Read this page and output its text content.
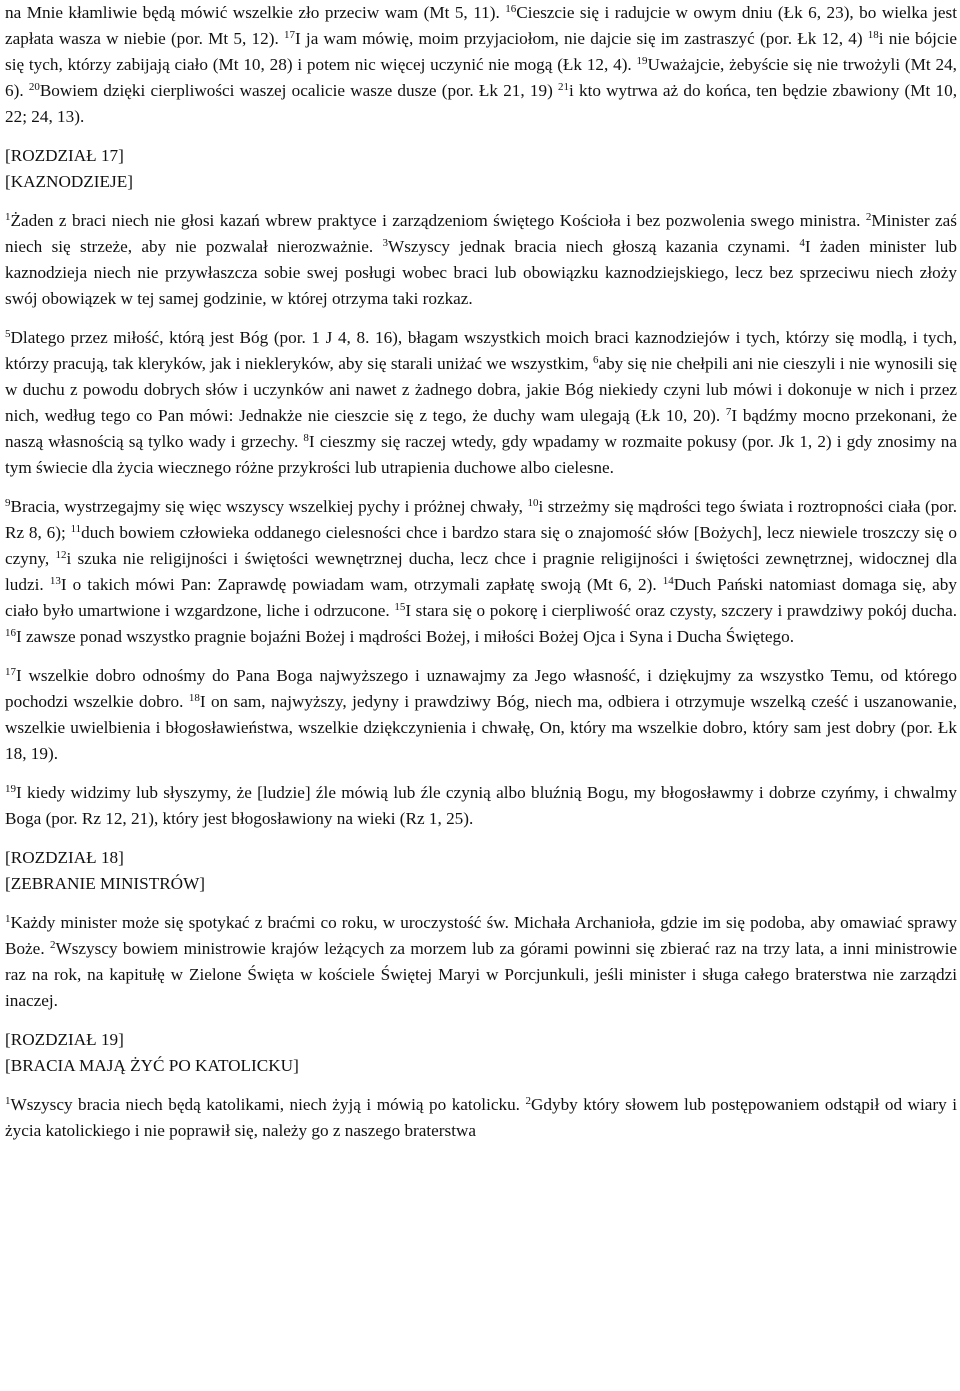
na Mnie kłamliwie będą mówić wszelkie zło przeciw wam (Mt 5, 11). $^{16}$Cieszcie się i radujcie w owym dniu (Łk 6, 23), bo wielka jest zapłata wasza w niebie (por. Mt 5, 12). $^{17}$I ja wam mówię, moim przyjaciołom, nie dajcie się im zastraszyć (por. Łk 12, 4) $^{18}$i nie bójcie się tych, którzy zabijają ciało (Mt 10, 28) i potem nic więcej uczynić nie mogą (Łk 12, 4). $^{19}$Uważajcie, żebyście się nie trwożyli (Mt 24, 6). $^{20}$Bowiem dzięki cierpliwości waszej ocalicie wasze dusze (por. Łk 21, 19) $^{21}$i kto wytrwa aż do końca, ten będzie zbawiony (Mt 10, 22; 24, 13).

[ROZDZIAŁ 17]
[KAZNODZIEJE]

$^1$Żaden z braci niech nie głosi kazań wbrew praktyce i zarządzeniom świętego Kościoła i bez pozwolenia swego ministra. $^2$Minister zaś niech się strzeże, aby nie pozwalał nierozważnie. $^3$Wszyscy jednak bracia niech głoszą kazania czynami. $^4$I żaden minister lub kaznodzieja niech nie przywłaszcza sobie swej posługi wobec braci lub obowiązku kaznodziejskiego, lecz bez sprzeciwu niech złoży swój obowiązek w tej samej godzinie, w której otrzyma taki rozkaz.

$^5$Dlatego przez miłość, którą jest Bóg (por. 1 J 4, 8. 16), błagam wszystkich moich braci kaznodziejów i tych, którzy się modlą, i tych, którzy pracują, tak kleryków, jak i niekleryków, aby się starali uniżać we wszystkim, $^6$aby się nie chełpili ani nie cieszyli i nie wynosili się w duchu z powodu dobrych słów i uczynków ani nawet z żadnego dobra, jakie Bóg niekiedy czyni lub mówi i dokonuje w nich i przez nich, według tego co Pan mówi: Jednakże nie cieszcie się z tego, że duchy wam ulegają (Łk 10, 20). $^7$I bądźmy mocno przekonani, że naszą własnością są tylko wady i grzechy. $^8$I cieszmy się raczej wtedy, gdy wpadamy w rozmaite pokusy (por. Jk 1, 2) i gdy znosimy na tym świecie dla życia wiecznego różne przykrości lub utrapienia duchowe albo cielesne.

$^9$Bracia, wystrzegajmy się więc wszyscy wszelkiej pychy i próżnej chwały, $^{10}$i strzeżmy się mądrości tego świata i roztropności ciała (por. Rz 8, 6); $^{11}$duch bowiem człowieka oddanego cielesności chce i bardzo stara się o znajomość słów [Bożych], lecz niewiele troszczy się o czyny, $^{12}$i szuka nie religijności i świętości wewnętrznej ducha, lecz chce i pragnie religijności i świętości zewnętrznej, widocznej dla ludzi. $^{13}$I o takich mówi Pan: Zaprawdę powiadam wam, otrzymali zapłatę swoją (Mt 6, 2). $^{14}$Duch Pański natomiast domaga się, aby ciało było umartwione i wzgardzone, liche i odrzucone. $^{15}$I stara się o pokorę i cierpliwość oraz czysty, szczery i prawdziwy pokój ducha. $^{16}$I zawsze ponad wszystko pragnie bojaźni Bożej i mądrości Bożej, i miłości Bożej Ojca i Syna i Ducha Świętego.

$^{17}$I wszelkie dobro odnośmy do Pana Boga najwyższego i uznawajmy za Jego własność, i dziękujmy za wszystko Temu, od którego pochodzi wszelkie dobro. $^{18}$I on sam, najwyższy, jedyny i prawdziwy Bóg, niech ma, odbiera i otrzymuje wszelką cześć i uszanowanie, wszelkie uwielbienia i błogosławieństwa, wszelkie dziękczynienia i chwałę, On, który ma wszelkie dobro, który sam jest dobry (por. Łk 18, 19).

$^{19}$I kiedy widzimy lub słyszymy, że [ludzie] źle mówią lub źle czynią albo bluźnią Bogu, my błogosławmy i dobrze czyńmy, i chwalmy Boga (por. Rz 12, 21), który jest błogosławiony na wieki (Rz 1, 25).

[ROZDZIAŁ 18]
[ZEBRANIE MINISTRÓW]

$^1$Każdy minister może się spotykać z braćmi co roku, w uroczystość św. Michała Archanioła, gdzie im się podoba, aby omawiać sprawy Boże. $^2$Wszyscy bowiem ministrowie krajów leżących za morzem lub za górami powinni się zbierać raz na trzy lata, a inni ministrowie raz na rok, na kapitułę w Zielone Święta w kościele Świętej Maryi w Porcjunkuli, jeśli minister i sługa całego braterstwa nie zarządzi inaczej.

[ROZDZIAŁ 19]
[BRACIA MAJĄ ŻYĆ PO KATOLICKU]

$^1$Wszyscy bracia niech będą katolikami, niech żyją i mówią po katolicku. $^2$Gdyby który słowem lub postępowaniem odstąpił od wiary i życia katolickiego i nie poprawił się, należy go z naszego braterstwa
